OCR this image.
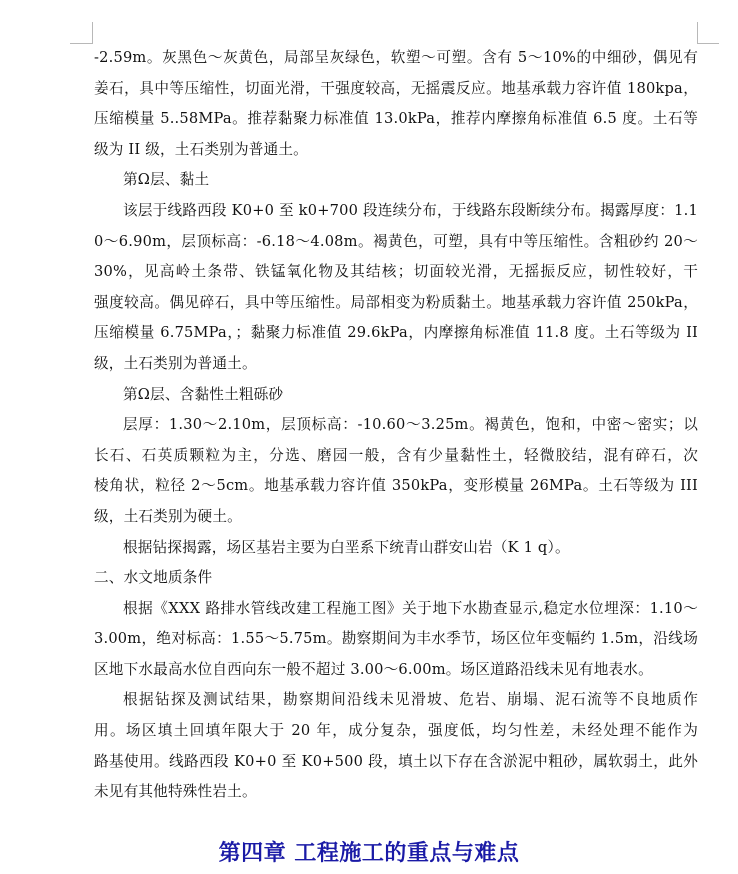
-2.59m。灰黑色～灰黄色，局部呈灰绿色，软塑～可塑。含有 5～10%的中细砂，偶见有
姜石，具中等压缩性，切面光滑，干强度较高，无摇震反应。地基承载力容许值 180kpa，
压缩模量 5..58MPa。推荐黏聚力标准值 13.0kPa，推荐内摩擦角标准值 6.5 度。土石等
级为 II 级，土石类别为普通土。
第Ω层、黏土
该层于线路西段 K0+0 至 k0+700 段连续分布，于线路东段断续分布。揭露厚度：1.1
0～6.90m，层顶标高：-6.18～4.08m。褐黄色，可塑，具有中等压缩性。含粗砂约 20～
30%，见高岭土条带、铁锰氧化物及其结核；切面较光滑，无摇振反应，韧性较好，干
强度较高。偶见碎石，具中等压缩性。局部相变为粉质黏土。地基承载力容许值 250kPa，
压缩模量 6.75MPa，；黏聚力标准值 29.6kPa，内摩擦角标准值 11.8 度。土石等级为 II
级，土石类别为普通土。
第Ω层、含黏性土粗砾砂
层厚：1.30～2.10m，层顶标高：-10.60～3.25m。褐黄色，饱和，中密～密实；以
长石、石英质颗粒为主，分选、磨园一般，含有少量黏性土，轻微胶结，混有碎石，次
棱角状，粒径 2～5cm。地基承载力容许值 350kPa，变形模量 26MPa。土石等级为 III
级，土石类别为硬土。
根据钻探揭露，场区基岩主要为白垩系下统青山群安山岩（K 1 q）。
二、水文地质条件
根据《XXX 路排水管线改建工程施工图》关于地下水勘查显示,稳定水位埋深：1.10～
3.00m，绝对标高：1.55～5.75m。勘察期间为丰水季节，场区位年变幅约 1.5m，沿线场
区地下水最高水位自西向东一般不超过 3.00～6.00m。场区道路沿线未见有地表水。
根据钻探及测试结果，勘察期间沿线未见滑坡、危岩、崩塌、泥石流等不良地质作
用。场区填土回填年限大于 20 年，成分复杂，强度低，均匀性差，未经处理不能作为
路基使用。线路西段 K0+0 至 K0+500 段，填土以下存在含淤泥中粗砂，属软弱土，此外
未见有其他特殊性岩土。
第四章 工程施工的重点与难点
